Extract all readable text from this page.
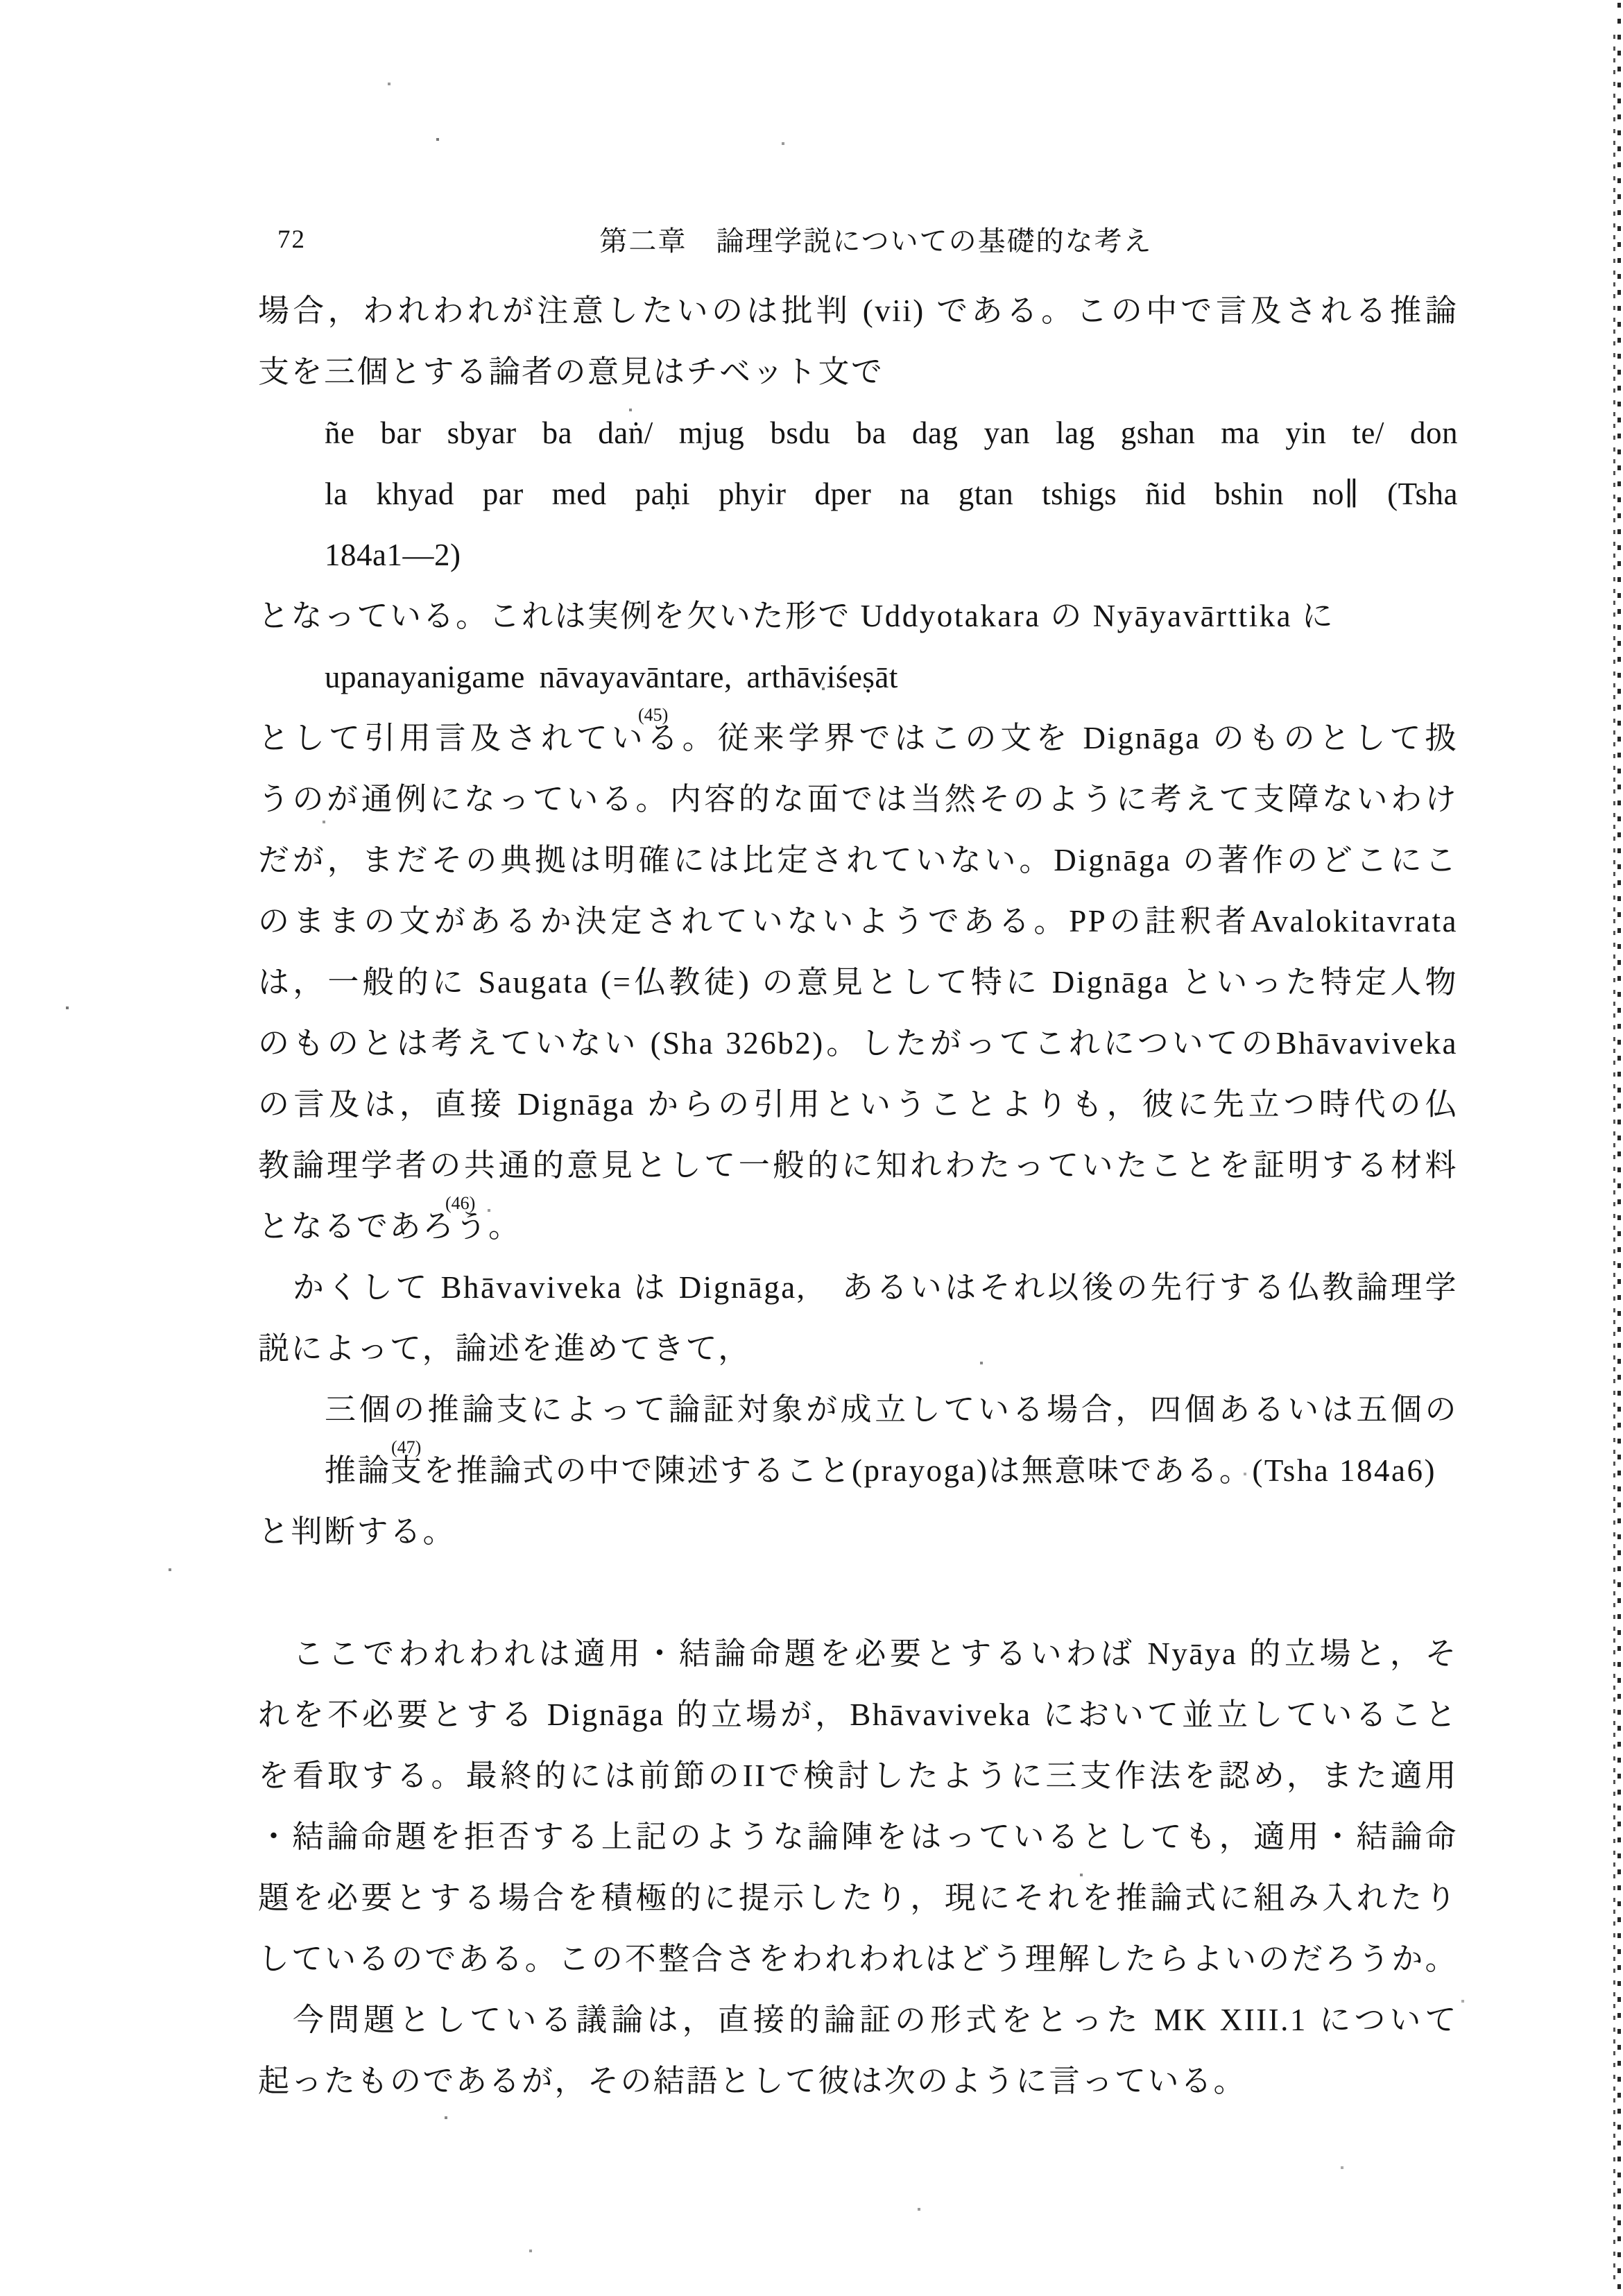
72	第二章　論理学説についての基礎的な考え
場合，われわれが注意したいのは批判 (vii) である。この中で言及される推論
支を三個とする論者の意見はチベット文で
ñe bar sbyar ba daṅ/ mjug bsdu ba dag yan lag gshan ma yin te/ don
la khyad par med paḥi phyir dper na gtan tshigs ñid bshin no∥ (Tsha
184a1—2)
となっている。これは実例を欠いた形で Uddyotakara の Nyāyavārttika に
upanayanigame nāvayavāntare, arthāviśeṣāt
として引用言及されている。従来学界ではこの文を Dignāga のものとして扱
(45)
うのが通例になっている。内容的な面では当然そのように考えて支障ないわけ
だが，まだその典拠は明確には比定されていない。Dignāga の著作のどこにこ
のままの文があるか決定されていないようである。PPの註釈者Avalokitavrata
は，一般的に Saugata (=仏教徒) の意見として特に Dignāga といった特定人物
のものとは考えていない (Sha 326b2)。したがってこれについてのBhāvaviveka
の言及は，直接 Dignāga からの引用ということよりも，彼に先立つ時代の仏
教論理学者の共通的意見として一般的に知れわたっていたことを証明する材料
となるであろう。
(46)
かくして Bhāvaviveka は Dignāga,　あるいはそれ以後の先行する仏教論理学
説によって，論述を進めてきて，
三個の推論支によって論証対象が成立している場合，四個あるいは五個の
推論支を推論式の中で陳述すること(prayoga)は無意味である。(Tsha 184a6)
(47)
と判断する。
ここでわれわれは適用・結論命題を必要とするいわば Nyāya 的立場と，そ
れを不必要とする Dignāga 的立場が，Bhāvaviveka において並立していること
を看取する。最終的には前節のIIで検討したように三支作法を認め，また適用
・結論命題を拒否する上記のような論陣をはっているとしても，適用・結論命
題を必要とする場合を積極的に提示したり，現にそれを推論式に組み入れたり
しているのである。この不整合さをわれわれはどう理解したらよいのだろうか。
今問題としている議論は，直接的論証の形式をとった MK XIII.1 について
起ったものであるが，その結語として彼は次のように言っている。
